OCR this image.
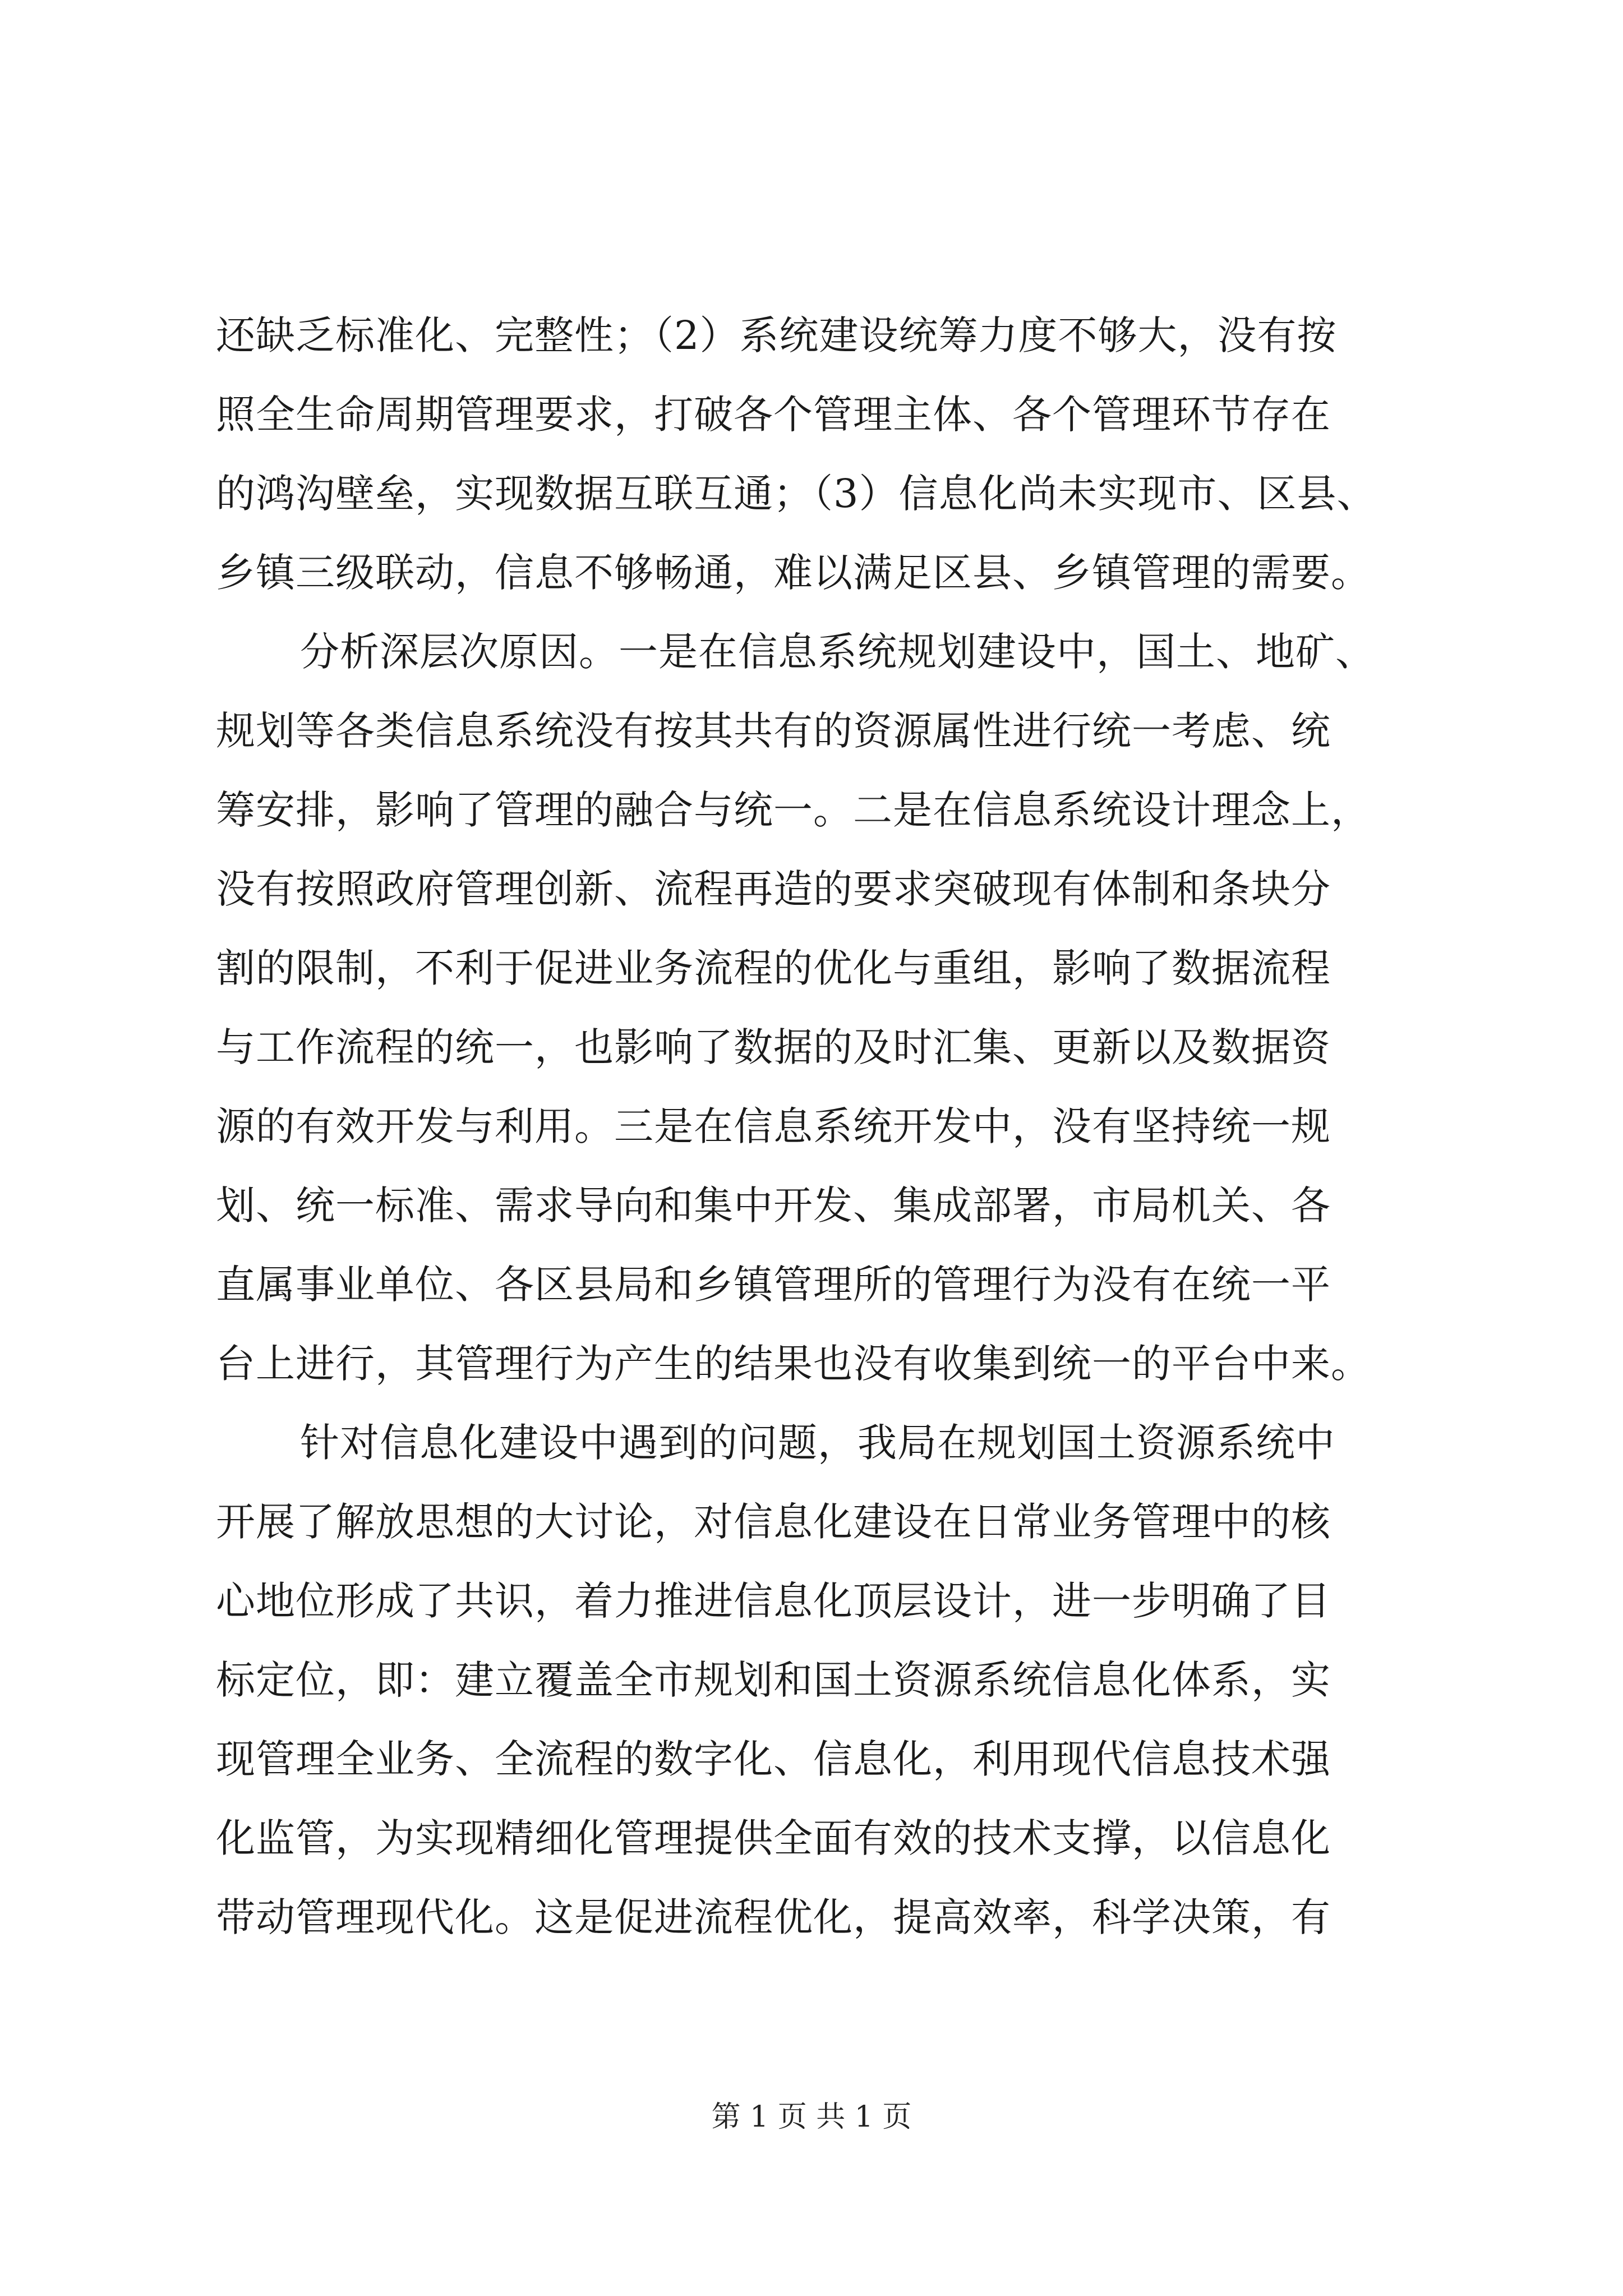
还缺乏标准化、完整性；（2）系统建设统筹力度不够大，没有按
照全生命周期管理要求，打破各个管理主体、各个管理环节存在
的鸿沟壁垒，实现数据互联互通；（3）信息化尚未实现市、区县、
乡镇三级联动，信息不够畅通，难以满足区县、乡镇管理的需要。
分析深层次原因。一是在信息系统规划建设中，国土、地矿、
规划等各类信息系统没有按其共有的资源属性进行统一考虑、统
筹安排，影响了管理的融合与统一。二是在信息系统设计理念上，
没有按照政府管理创新、流程再造的要求突破现有体制和条块分
割的限制，不利于促进业务流程的优化与重组，影响了数据流程
与工作流程的统一，也影响了数据的及时汇集、更新以及数据资
源的有效开发与利用。三是在信息系统开发中，没有坚持统一规
划、统一标准、需求导向和集中开发、集成部署，市局机关、各
直属事业单位、各区县局和乡镇管理所的管理行为没有在统一平
台上进行，其管理行为产生的结果也没有收集到统一的平台中来。
针对信息化建设中遇到的问题，我局在规划国土资源系统中
开展了解放思想的大讨论，对信息化建设在日常业务管理中的核
心地位形成了共识，着力推进信息化顶层设计，进一步明确了目
标定位，即：建立覆盖全市规划和国土资源系统信息化体系，实
现管理全业务、全流程的数字化、信息化，利用现代信息技术强
化监管，为实现精细化管理提供全面有效的技术支撑，以信息化
带动管理现代化。这是促进流程优化，提高效率，科学决策，有
第 1 页 共 1 页
